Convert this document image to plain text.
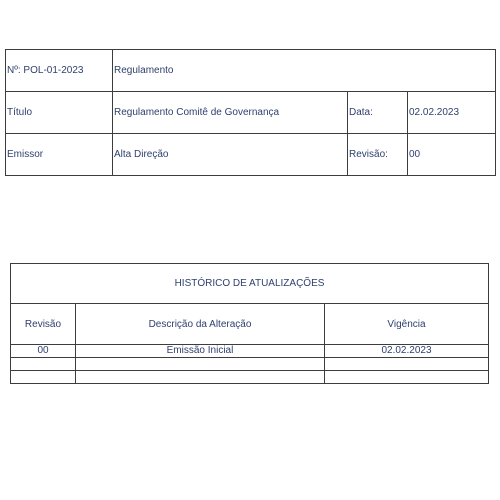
Nº: POL-01-2023	Regulamento		
Título	Regulamento Comitê de Governança	Data:	02.02.2023
Emissor	Alta Direção	Revisão:	00
HISTÓRICO DE ATUALIZAÇÕES		
Revisão	Descrição da Alteração	Vigência
00	Emissão Inicial	02.02.2023
